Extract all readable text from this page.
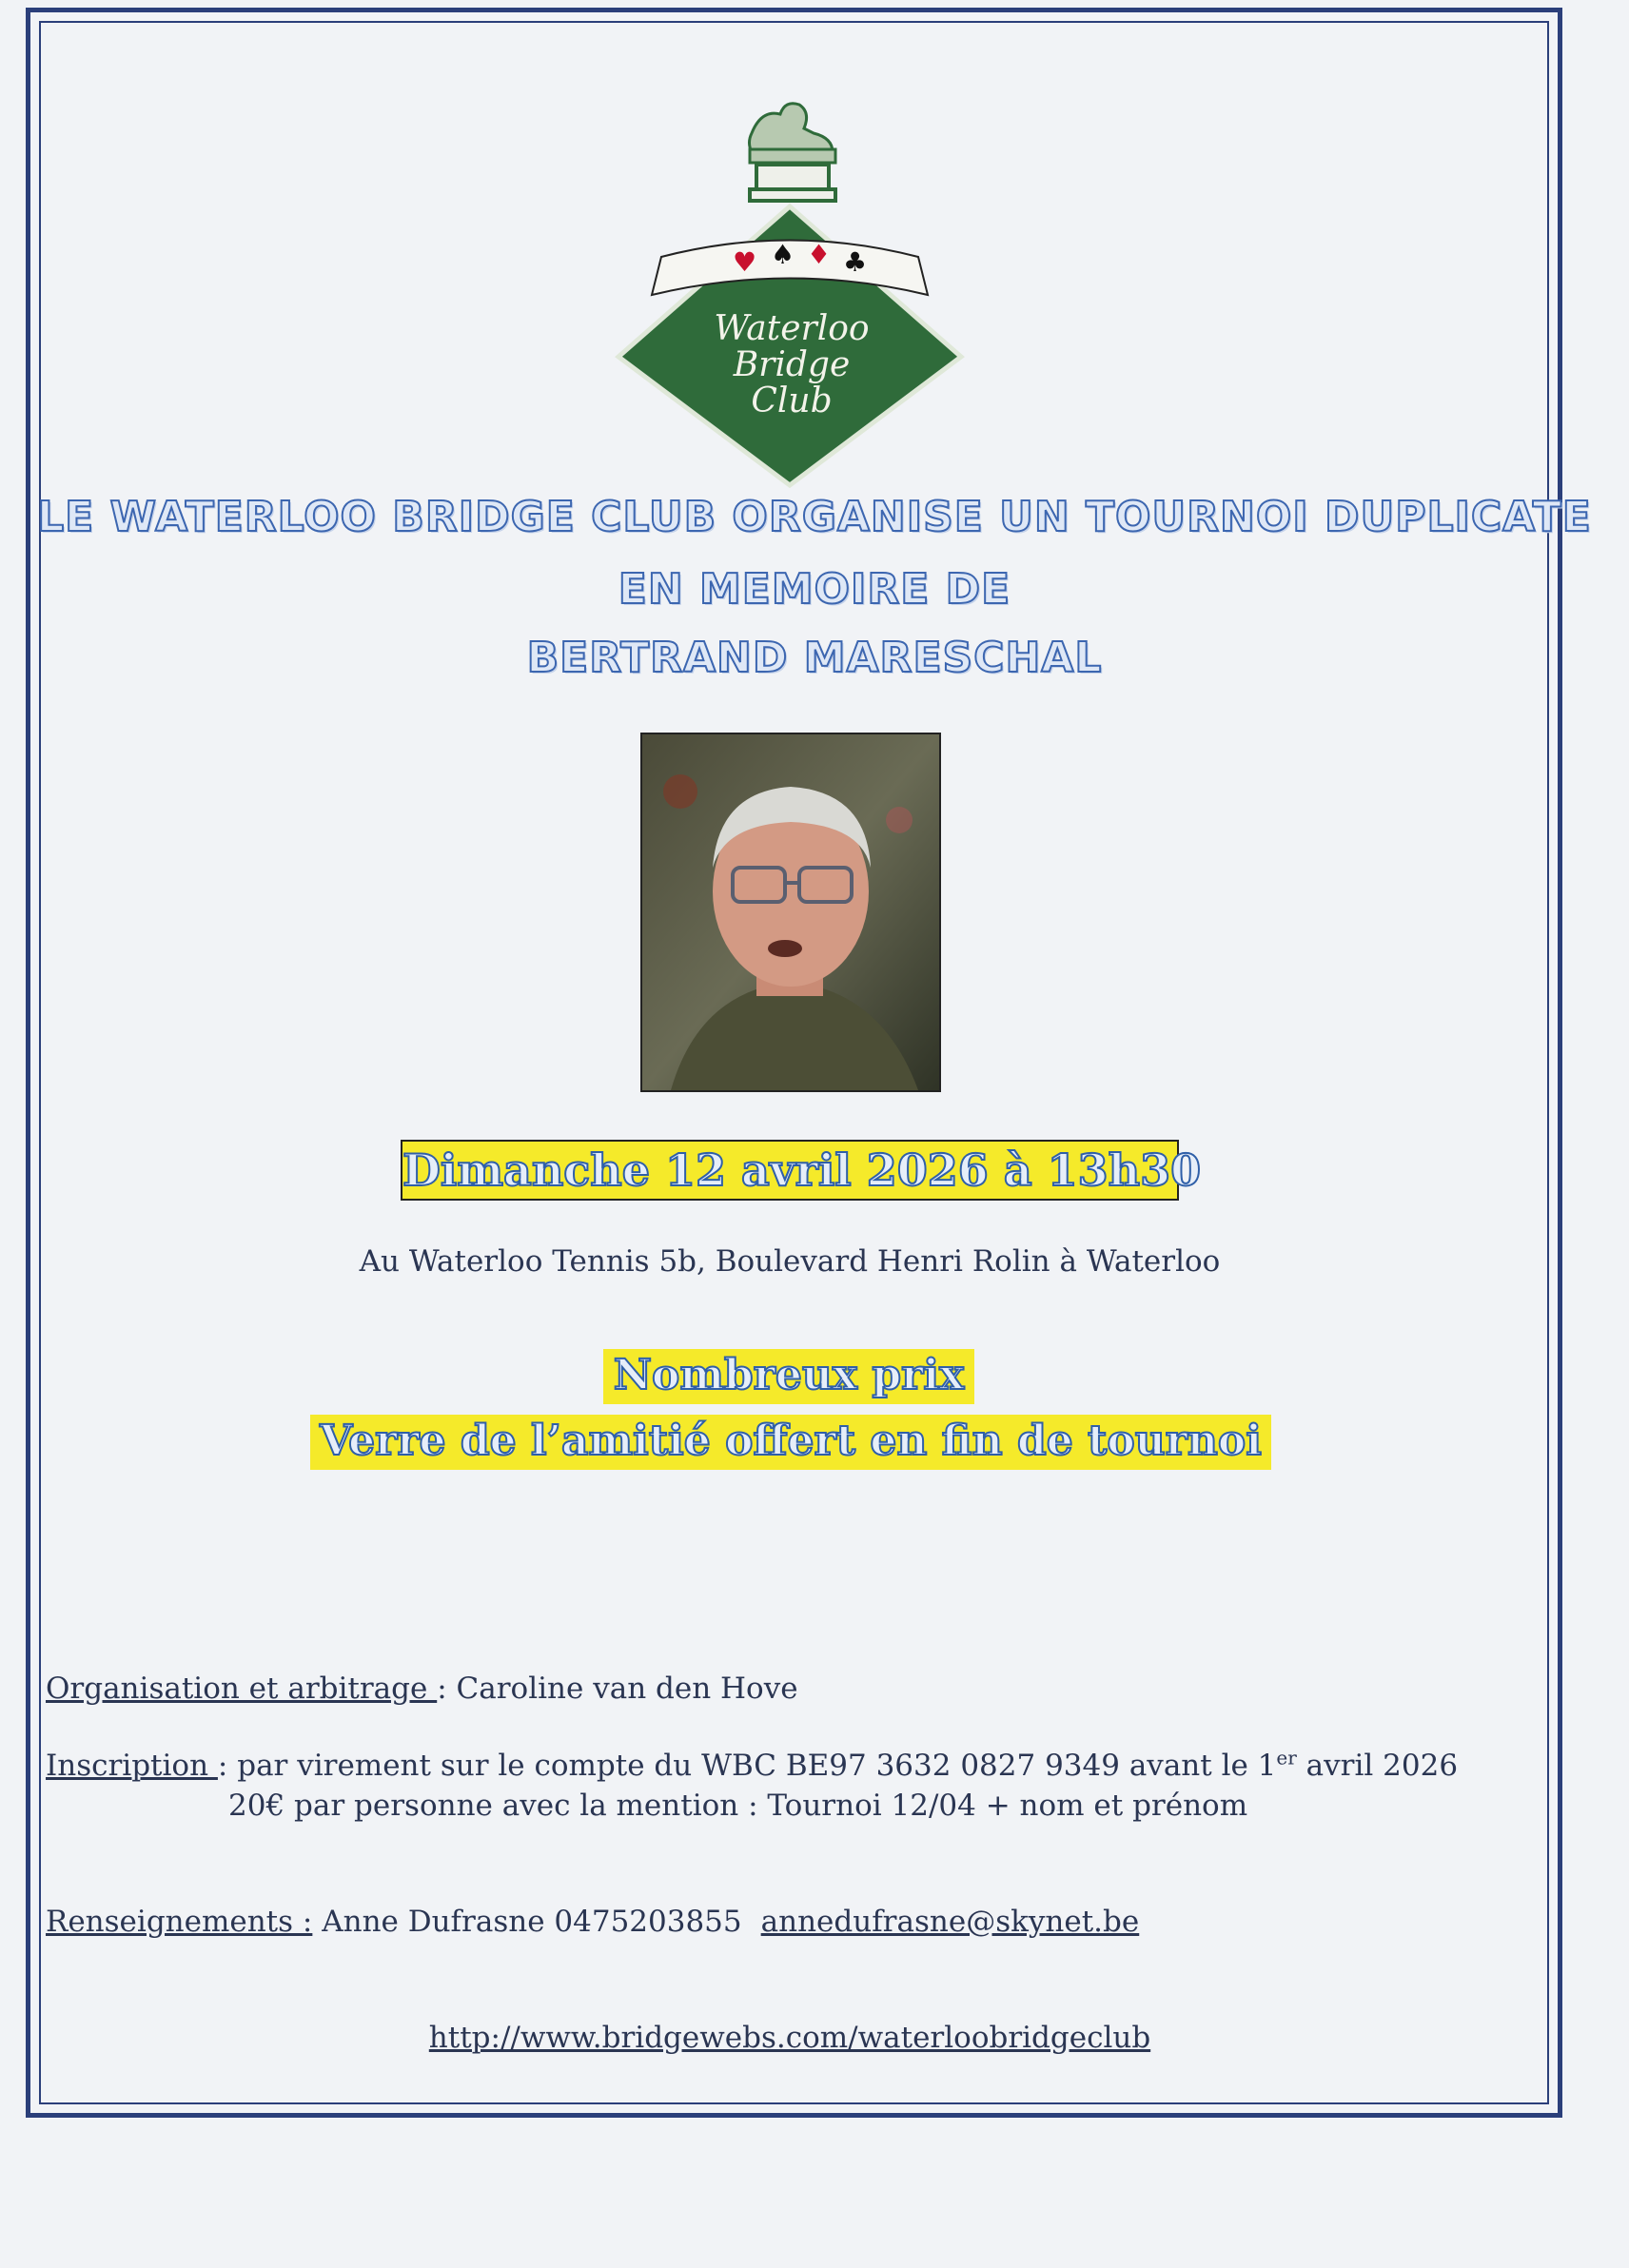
♥ ♠ ♦ ♣
Waterloo
Bridge
Club
LE WATERLOO BRIDGE CLUB ORGANISE UN TOURNOI DUPLICATE
EN MEMOIRE DE
BERTRAND MARESCHAL
Dimanche 12 avril 2026 à 13h30
Au Waterloo Tennis 5b, Boulevard Henri Rolin à Waterloo
Nombreux prix
Verre de l’amitié offert en fin de tournoi
Organisation et arbitrage : Caroline van den Hove
Inscription : par virement sur le compte du WBC BE97 3632 0827 9349 avant le 1er avril 2026
20€ par personne avec la mention : Tournoi 12/04 + nom et prénom
Renseignements : Anne Dufrasne 0475203855 annedufrasne@skynet.be
http://www.bridgewebs.com/waterloobridgeclub
